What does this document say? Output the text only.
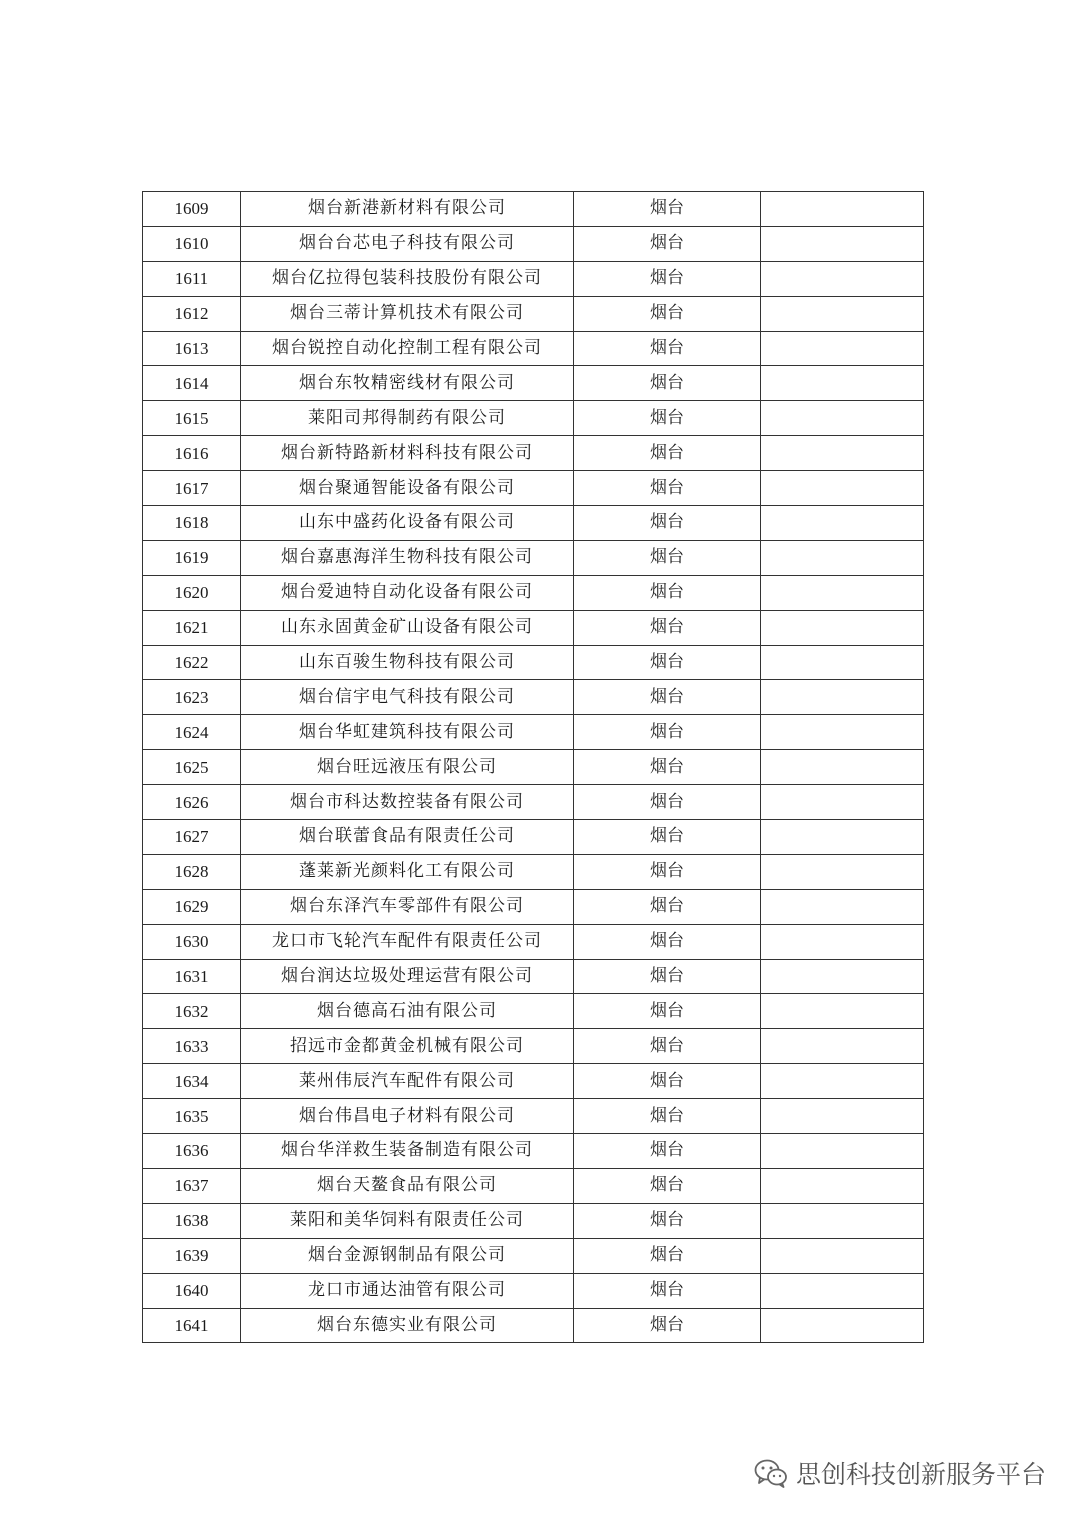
1609	烟台新港新材料有限公司	烟台	
1610	烟台台芯电子科技有限公司	烟台	
1611	烟台亿拉得包装科技股份有限公司	烟台	
1612	烟台三蒂计算机技术有限公司	烟台	
1613	烟台锐控自动化控制工程有限公司	烟台	
1614	烟台东牧精密线材有限公司	烟台	
1615	莱阳司邦得制药有限公司	烟台	
1616	烟台新特路新材料科技有限公司	烟台	
1617	烟台聚通智能设备有限公司	烟台	
1618	山东中盛药化设备有限公司	烟台	
1619	烟台嘉惠海洋生物科技有限公司	烟台	
1620	烟台爱迪特自动化设备有限公司	烟台	
1621	山东永固黄金矿山设备有限公司	烟台	
1622	山东百骏生物科技有限公司	烟台	
1623	烟台信宇电气科技有限公司	烟台	
1624	烟台华虹建筑科技有限公司	烟台	
1625	烟台旺远液压有限公司	烟台	
1626	烟台市科达数控装备有限公司	烟台	
1627	烟台联蕾食品有限责任公司	烟台	
1628	蓬莱新光颜料化工有限公司	烟台	
1629	烟台东泽汽车零部件有限公司	烟台	
1630	龙口市飞轮汽车配件有限责任公司	烟台	
1631	烟台润达垃圾处理运营有限公司	烟台	
1632	烟台德高石油有限公司	烟台	
1633	招远市金都黄金机械有限公司	烟台	
1634	莱州伟辰汽车配件有限公司	烟台	
1635	烟台伟昌电子材料有限公司	烟台	
1636	烟台华洋救生装备制造有限公司	烟台	
1637	烟台天鳌食品有限公司	烟台	
1638	莱阳和美华饲料有限责任公司	烟台	
1639	烟台金源钢制品有限公司	烟台	
1640	龙口市通达油管有限公司	烟台	
1641	烟台东德实业有限公司	烟台	
思创科技创新服务平台
